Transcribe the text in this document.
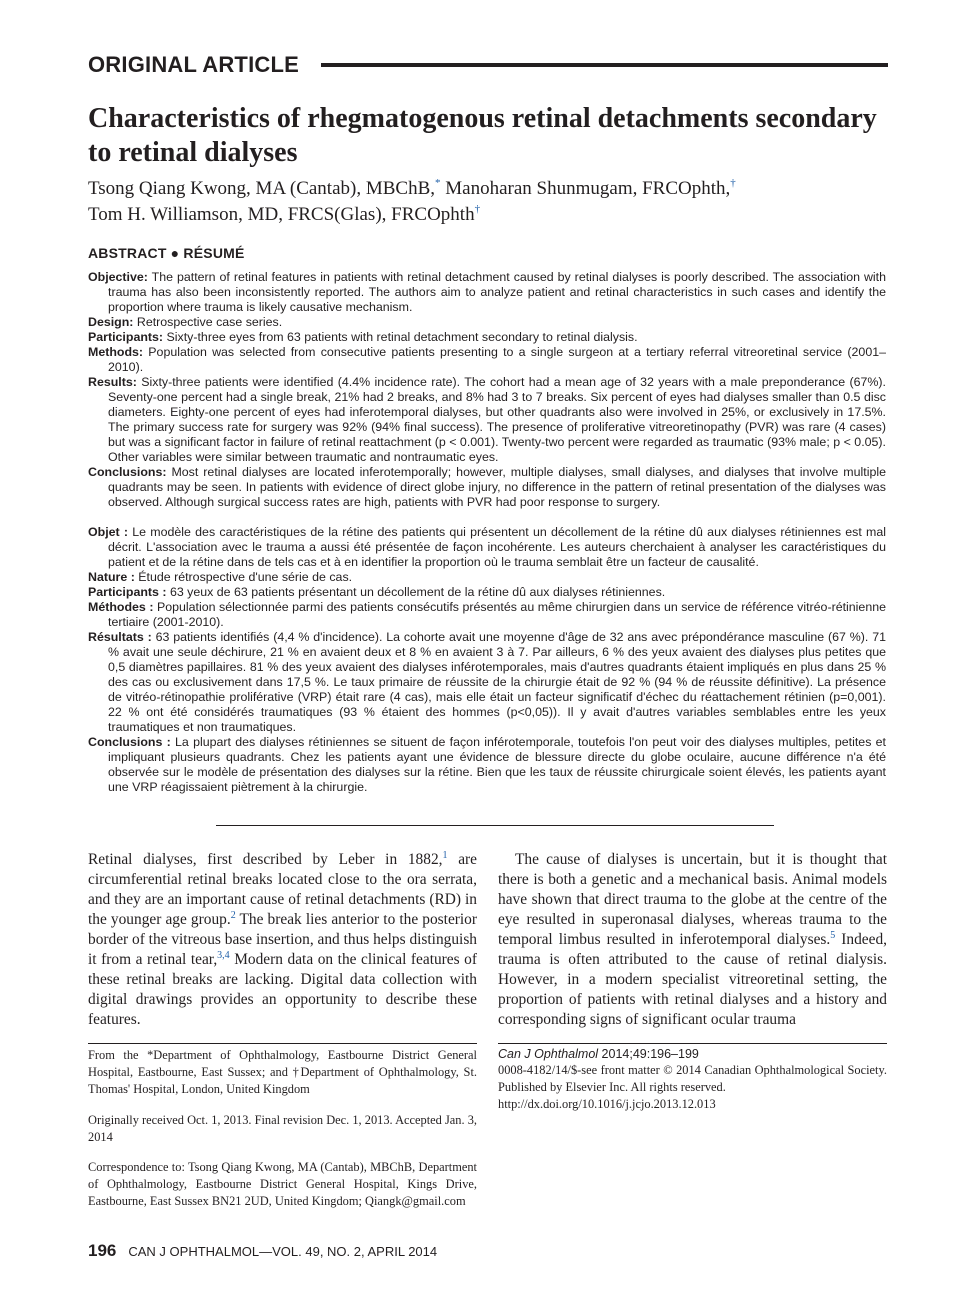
ORIGINAL ARTICLE
Characteristics of rhegmatogenous retinal detachments secondary to retinal dialyses
Tsong Qiang Kwong, MA (Cantab), MBChB,* Manoharan Shunmugam, FRCOphth,†
Tom H. Williamson, MD, FRCS(Glas), FRCOphth†
ABSTRACT ● RÉSUMÉ

Objective: The pattern of retinal features in patients with retinal detachment caused by retinal dialyses is poorly described. The association with trauma has also been inconsistently reported. The authors aim to analyze patient and retinal characteristics in such cases and identify the proportion where trauma is likely causative mechanism.

Design: Retrospective case series.

Participants: Sixty-three eyes from 63 patients with retinal detachment secondary to retinal dialysis.

Methods: Population was selected from consecutive patients presenting to a single surgeon at a tertiary referral vitreoretinal service (2001–2010).

Results: Sixty-three patients were identified (4.4% incidence rate). The cohort had a mean age of 32 years with a male preponderance (67%). Seventy-one percent had a single break, 21% had 2 breaks, and 8% had 3 to 7 breaks. Six percent of eyes had dialyses smaller than 0.5 disc diameters. Eighty-one percent of eyes had inferotemporal dialyses, but other quadrants also were involved in 25%, or exclusively in 17.5%. The primary success rate for surgery was 92% (94% final success). The presence of proliferative vitreoretinopathy (PVR) was rare (4 cases) but was a significant factor in failure of retinal reattachment (p < 0.001). Twenty-two percent were regarded as traumatic (93% male; p < 0.05). Other variables were similar between traumatic and nontraumatic eyes.

Conclusions: Most retinal dialyses are located inferotemporally; however, multiple dialyses, small dialyses, and dialyses that involve multiple quadrants may be seen. In patients with evidence of direct globe injury, no difference in the pattern of retinal presentation of the dialyses was observed. Although surgical success rates are high, patients with PVR had poor response to surgery.

Objet : Le modèle des caractéristiques de la rétine des patients qui présentent un décollement de la rétine dû aux dialyses rétiniennes est mal décrit. L'association avec le trauma a aussi été présentée de façon incohérente. Les auteurs cherchaient à analyser les caractéristiques du patient et de la rétine dans de tels cas et à en identifier la proportion où le trauma semblait être un facteur de causalité.

Nature : Étude rétrospective d'une série de cas.

Participants : 63 yeux de 63 patients présentant un décollement de la rétine dû aux dialyses rétiniennes.

Méthodes : Population sélectionnée parmi des patients consécutifs présentés au même chirurgien dans un service de référence vitréo-rétinienne tertiaire (2001-2010).

Résultats : 63 patients identifiés (4,4 % d'incidence). La cohorte avait une moyenne d'âge de 32 ans avec prépondérance masculine (67 %). 71 % avait une seule déchirure, 21 % en avaient deux et 8 % en avaient 3 à 7. Par ailleurs, 6 % des yeux avaient des dialyses plus petites que 0,5 diamètres papillaires. 81 % des yeux avaient des dialyses inférotemporales, mais d'autres quadrants étaient impliqués en plus dans 25 % des cas ou exclusivement dans 17,5 %. Le taux primaire de réussite de la chirurgie était de 92 % (94 % de réussite définitive). La présence de vitréo-rétinopathie proliférative (VRP) était rare (4 cas), mais elle était un facteur significatif d'échec du réattachement rétinien (p=0,001). 22 % ont été considérés traumatiques (93 % étaient des hommes (p<0,05)). Il y avait d'autres variables semblables entre les yeux traumatiques et non traumatiques.

Conclusions : La plupart des dialyses rétiniennes se situent de façon inférotemporale, toutefois l'on peut voir des dialyses multiples, petites et impliquant plusieurs quadrants. Chez les patients ayant une évidence de blessure directe du globe oculaire, aucune différence n'a été observée sur le modèle de présentation des dialyses sur la rétine. Bien que les taux de réussite chirurgicale soient élevés, les patients ayant une VRP réagissaient piètrement à la chirurgie.

Retinal dialyses, first described by Leber in 1882,$^1$ are circumferential retinal breaks located close to the ora serrata, and they are an important cause of retinal detachments (RD) in the younger age group.$^2$ The break lies anterior to the posterior border of the vitreous base insertion, and thus helps distinguish it from a retinal tear,$^{3,4}$ Modern data on the clinical features of these retinal breaks are lacking. Digital data collection with digital drawings provides an opportunity to describe these features.

The cause of dialyses is uncertain, but it is thought that there is both a genetic and a mechanical basis. Animal models have shown that direct trauma to the globe at the centre of the eye resulted in superonasal dialyses, whereas trauma to the temporal limbus resulted in inferotemporal dialyses.$^5$ Indeed, trauma is often attributed to the cause of retinal dialysis. However, in a modern specialist vitreoretinal setting, the proportion of patients with retinal dialyses and a history and corresponding signs of significant ocular trauma

From the *Department of Ophthalmology, Eastbourne District General Hospital, Eastbourne, East Sussex; and †Department of Ophthalmology, St. Thomas' Hospital, London, United Kingdom

Originally received Oct. 1, 2013. Final revision Dec. 1, 2013. Accepted Jan. 3, 2014

Correspondence to: Tsong Qiang Kwong, MA (Cantab), MBChB, Department of Ophthalmology, Eastbourne District General Hospital, Kings Drive, Eastbourne, East Sussex BN21 2UD, United Kingdom; Qiangk@gmail.com

Can J Ophthalmol 2014;49:196–199

0008-4182/14/$-see front matter © 2014 Canadian Ophthalmological Society. Published by Elsevier Inc. All rights reserved.

http://dx.doi.org/10.1016/j.jcjo.2013.12.013

196 CAN J OPHTHALMOL—VOL. 49, NO. 2, APRIL 2014
